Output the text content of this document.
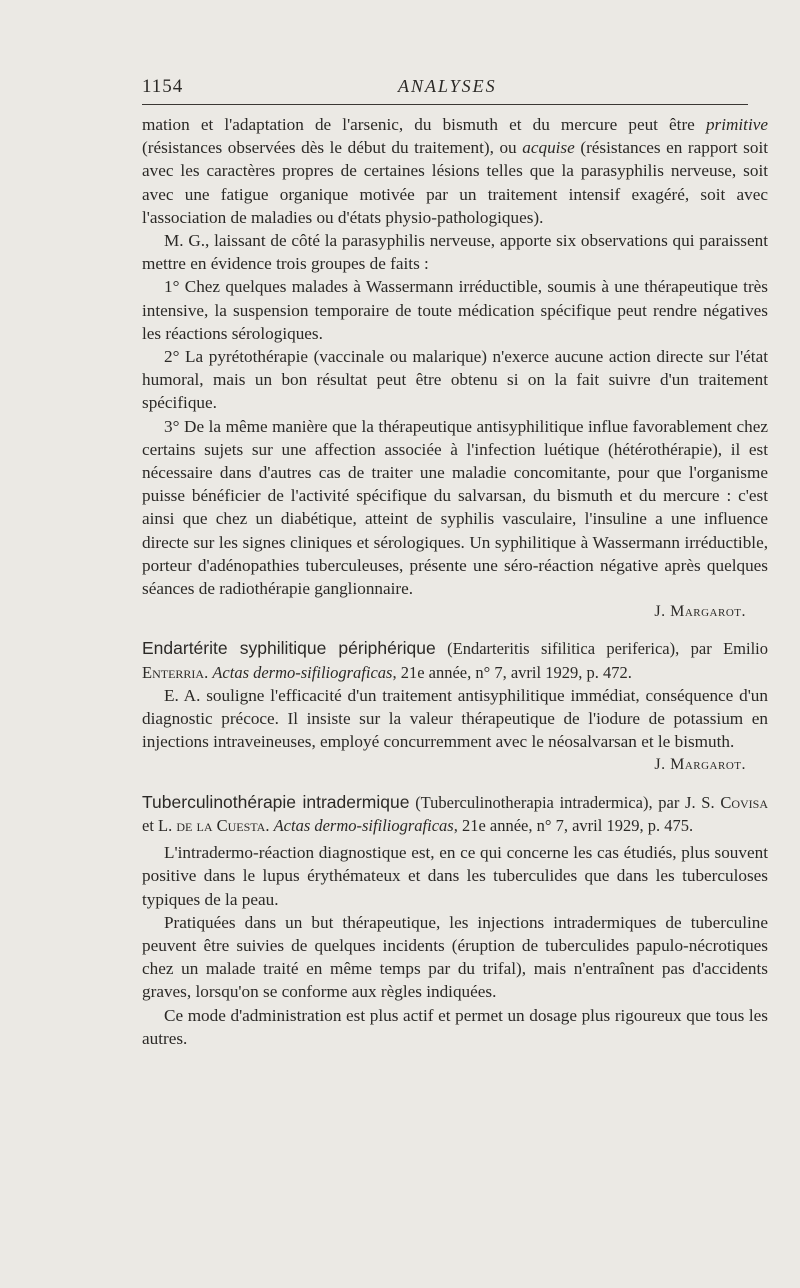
1154	ANALYSES

mation et l'adaptation de l'arsenic, du bismuth et du mercure peut être primitive (résistances observées dès le début du traitement), ou acquise (résistances en rapport soit avec les caractères propres de certaines lésions telles que la parasyphilis nerveuse, soit avec une fatigue organique motivée par un traitement intensif exagéré, soit avec l'association de maladies ou d'états physio-pathologiques).

M. G., laissant de côté la parasyphilis nerveuse, apporte six observations qui paraissent mettre en évidence trois groupes de faits :

1° Chez quelques malades à Wassermann irréductible, soumis à une thérapeutique très intensive, la suspension temporaire de toute médication spécifique peut rendre négatives les réactions sérologiques.

2° La pyrétothérapie (vaccinale ou malarique) n'exerce aucune action directe sur l'état humoral, mais un bon résultat peut être obtenu si on la fait suivre d'un traitement spécifique.

3° De la même manière que la thérapeutique antisyphilitique influe favorablement chez certains sujets sur une affection associée à l'infection luétique (hétérothérapie), il est nécessaire dans d'autres cas de traiter une maladie concomitante, pour que l'organisme puisse bénéficier de l'activité spécifique du salvarsan, du bismuth et du mercure : c'est ainsi que chez un diabétique, atteint de syphilis vasculaire, l'insuline a une influence directe sur les signes cliniques et sérologiques. Un syphilitique à Wassermann irréductible, porteur d'adénopathies tuberculeuses, présente une séro-réaction négative après quelques séances de radiothérapie ganglionnaire.

J. Margarot.

Endartérite syphilitique périphérique (Endarteritis sifilitica periferica), par Emilio Enterria. Actas dermo-sifiliograficas, 21e année, n° 7, avril 1929, p. 472.

E. A. souligne l'efficacité d'un traitement antisyphilitique immédiat, conséquence d'un diagnostic précoce. Il insiste sur la valeur thérapeutique de l'iodure de potassium en injections intraveineuses, employé concurremment avec le néosalvarsan et le bismuth.

J. Margarot.

Tuberculinothérapie intradermique (Tuberculinotherapia intradermica), par J. S. Covisa et L. de la Cuesta. Actas dermo-sifiliograficas, 21e année, n° 7, avril 1929, p. 475.

L'intradermo-réaction diagnostique est, en ce qui concerne les cas étudiés, plus souvent positive dans le lupus érythémateux et dans les tuberculides que dans les tuberculoses typiques de la peau.

Pratiquées dans un but thérapeutique, les injections intradermiques de tuberculine peuvent être suivies de quelques incidents (éruption de tuberculides papulo-nécrotiques chez un malade traité en même temps par du trifal), mais n'entraînent pas d'accidents graves, lorsqu'on se conforme aux règles indiquées.

Ce mode d'administration est plus actif et permet un dosage plus rigoureux que tous les autres.
